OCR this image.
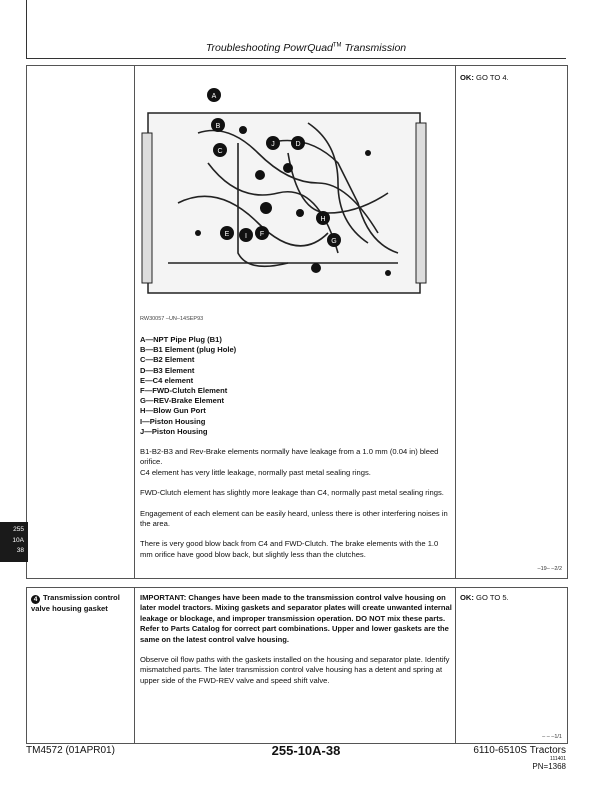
Troubleshooting PowrQuad™ Transmission
OK: GO TO 4.
A
B
C
D
E	F
G
H
I
J
RW30057 –UN–14SEP93
A—NPT Pipe Plug (B1)
B—B1 Element (plug Hole)
C—B2 Element
D—B3 Element
E—C4 element
F—FWD-Clutch Element
G—REV-Brake Element
H—Blow Gun Port
I—Piston Housing
J—Piston Housing
B1-B2-B3 and Rev-Brake elements normally have leakage from a 1.0 mm (0.04 in) bleed orifice.
C4 element has very little leakage, normally past metal sealing rings.
FWD-Clutch element has slightly more leakage than C4, normally past metal sealing rings.
Engagement of each element can be easily heard, unless there is other interfering noises in the area.
There is very good blow back from C4 and FWD-Clutch. The brake elements with the 1.0 mm orifice have good blow back, but slightly less than the clutches.
–19– –2/2
255
10A
38
4 Transmission control valve housing gasket
IMPORTANT: Changes have been made to the transmission control valve housing on later model tractors. Mixing gaskets and separator plates will create unwanted internal leakage or blockage, and improper transmission operation. DO NOT mix these parts. Refer to Parts Catalog for correct part combinations. Upper and lower gaskets are the same on the latest control valve housing.
Observe oil flow paths with the gaskets installed on the housing and separator plate. Identify mismatched parts. The later transmission control valve housing has a detent and spring at upper side of the FWD-REV valve and speed shift valve.
OK: GO TO 5.
– – –1/1
TM4572 (01APR01)	255-10A-38	6110-6510S Tractors
111401
PN=1368
